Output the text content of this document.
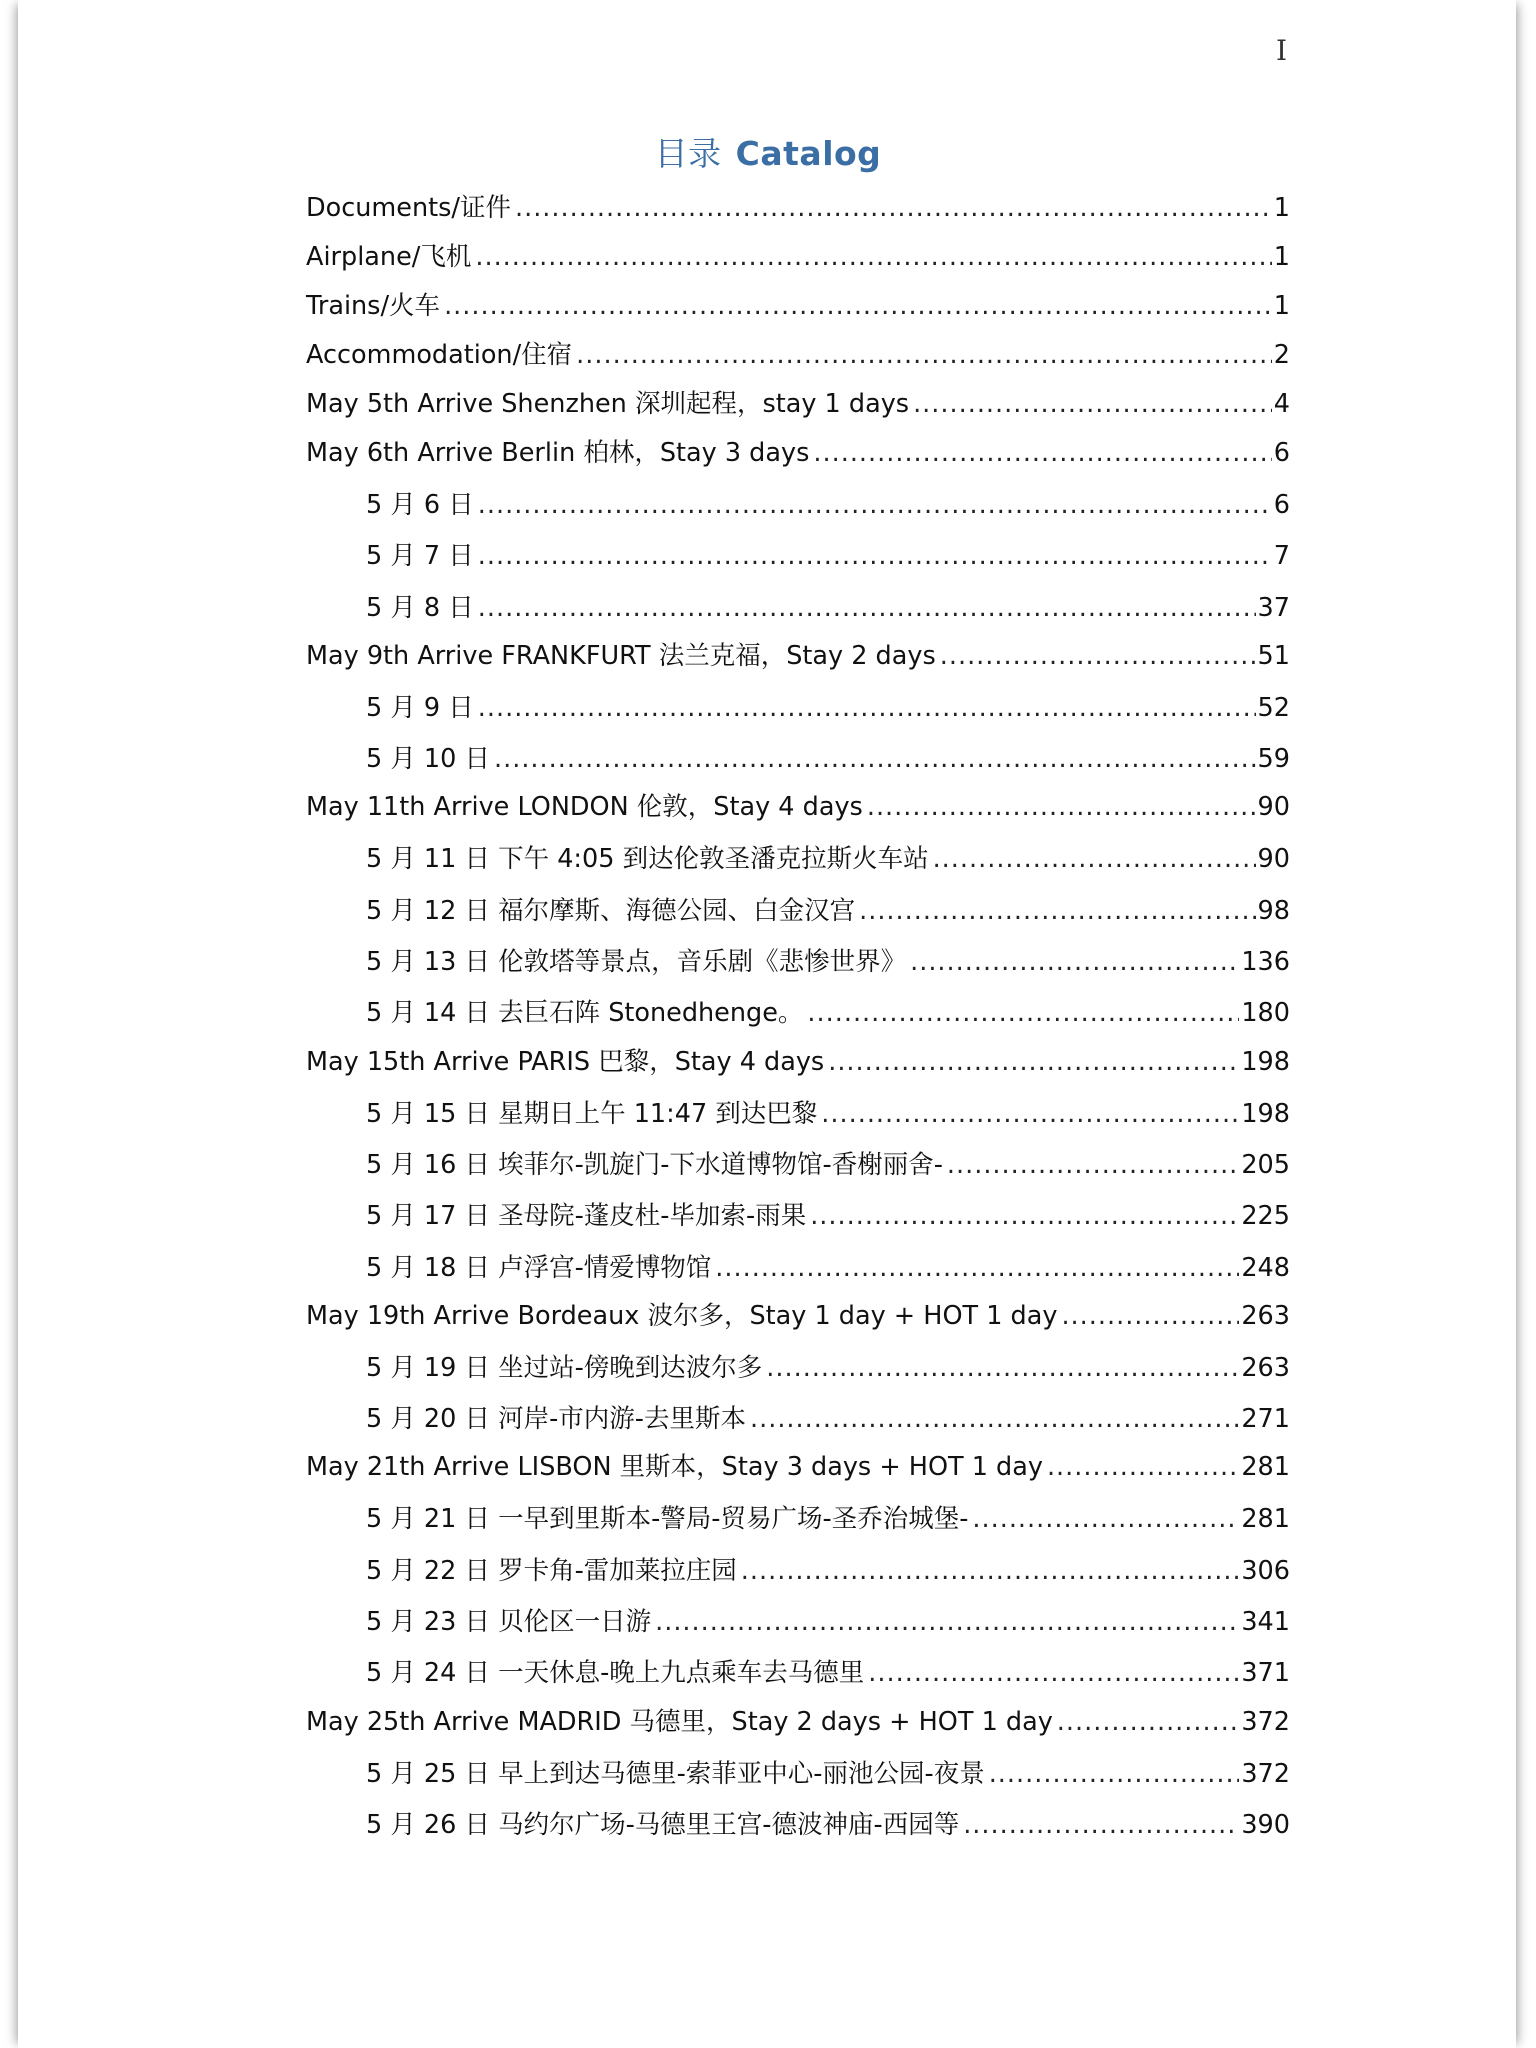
I
目录 Catalog
Documents/证件 .....	1
Airplane/飞机 .....	1
Trains/火车 .....	1
Accommodation/住宿 .....	2
May 5th Arrive Shenzhen 深圳起程，stay 1 days .....	4
May 6th Arrive Berlin 柏林，Stay 3 days .....	6
5 月 6 日 .....	6
5 月 7 日 .....	7
5 月 8 日 .....	37
May 9th Arrive FRANKFURT 法兰克福，Stay 2 days .....	51
5 月 9 日 .....	52
5 月 10 日 .....	59
May 11th Arrive LONDON 伦敦，Stay 4 days .....	90
5 月 11 日 下午 4:05 到达伦敦圣潘克拉斯火车站 .....	90
5 月 12 日 福尔摩斯、海德公园、白金汉宫 .....	98
5 月 13 日 伦敦塔等景点，音乐剧《悲惨世界》 .....	136
5 月 14 日 去巨石阵 Stonedhenge。 .....	180
May 15th Arrive PARIS 巴黎，Stay 4 days .....	198
5 月 15 日 星期日上午 11:47 到达巴黎 .....	198
5 月 16 日 埃菲尔-凯旋门-下水道博物馆-香榭丽舍- .....	205
5 月 17 日 圣母院-蓬皮杜-毕加索-雨果 .....	225
5 月 18 日 卢浮宫-情爱博物馆 .....	248
May 19th Arrive Bordeaux 波尔多，Stay 1 day + HOT 1 day .....	263
5 月 19 日 坐过站-傍晚到达波尔多 .....	263
5 月 20 日 河岸-市内游-去里斯本 .....	271
May 21th Arrive LISBON 里斯本，Stay 3 days + HOT 1 day .....	281
5 月 21 日 一早到里斯本-警局-贸易广场-圣乔治城堡- .....	281
5 月 22 日 罗卡角-雷加莱拉庄园 .....	306
5 月 23 日 贝伦区一日游 .....	341
5 月 24 日 一天休息-晚上九点乘车去马德里 .....	371
May 25th Arrive MADRID 马德里，Stay 2 days + HOT 1 day .....	372
5 月 25 日 早上到达马德里-索菲亚中心-丽池公园-夜景 .....	372
5 月 26 日 马约尔广场-马德里王宫-德波神庙-西园等 .....	390
